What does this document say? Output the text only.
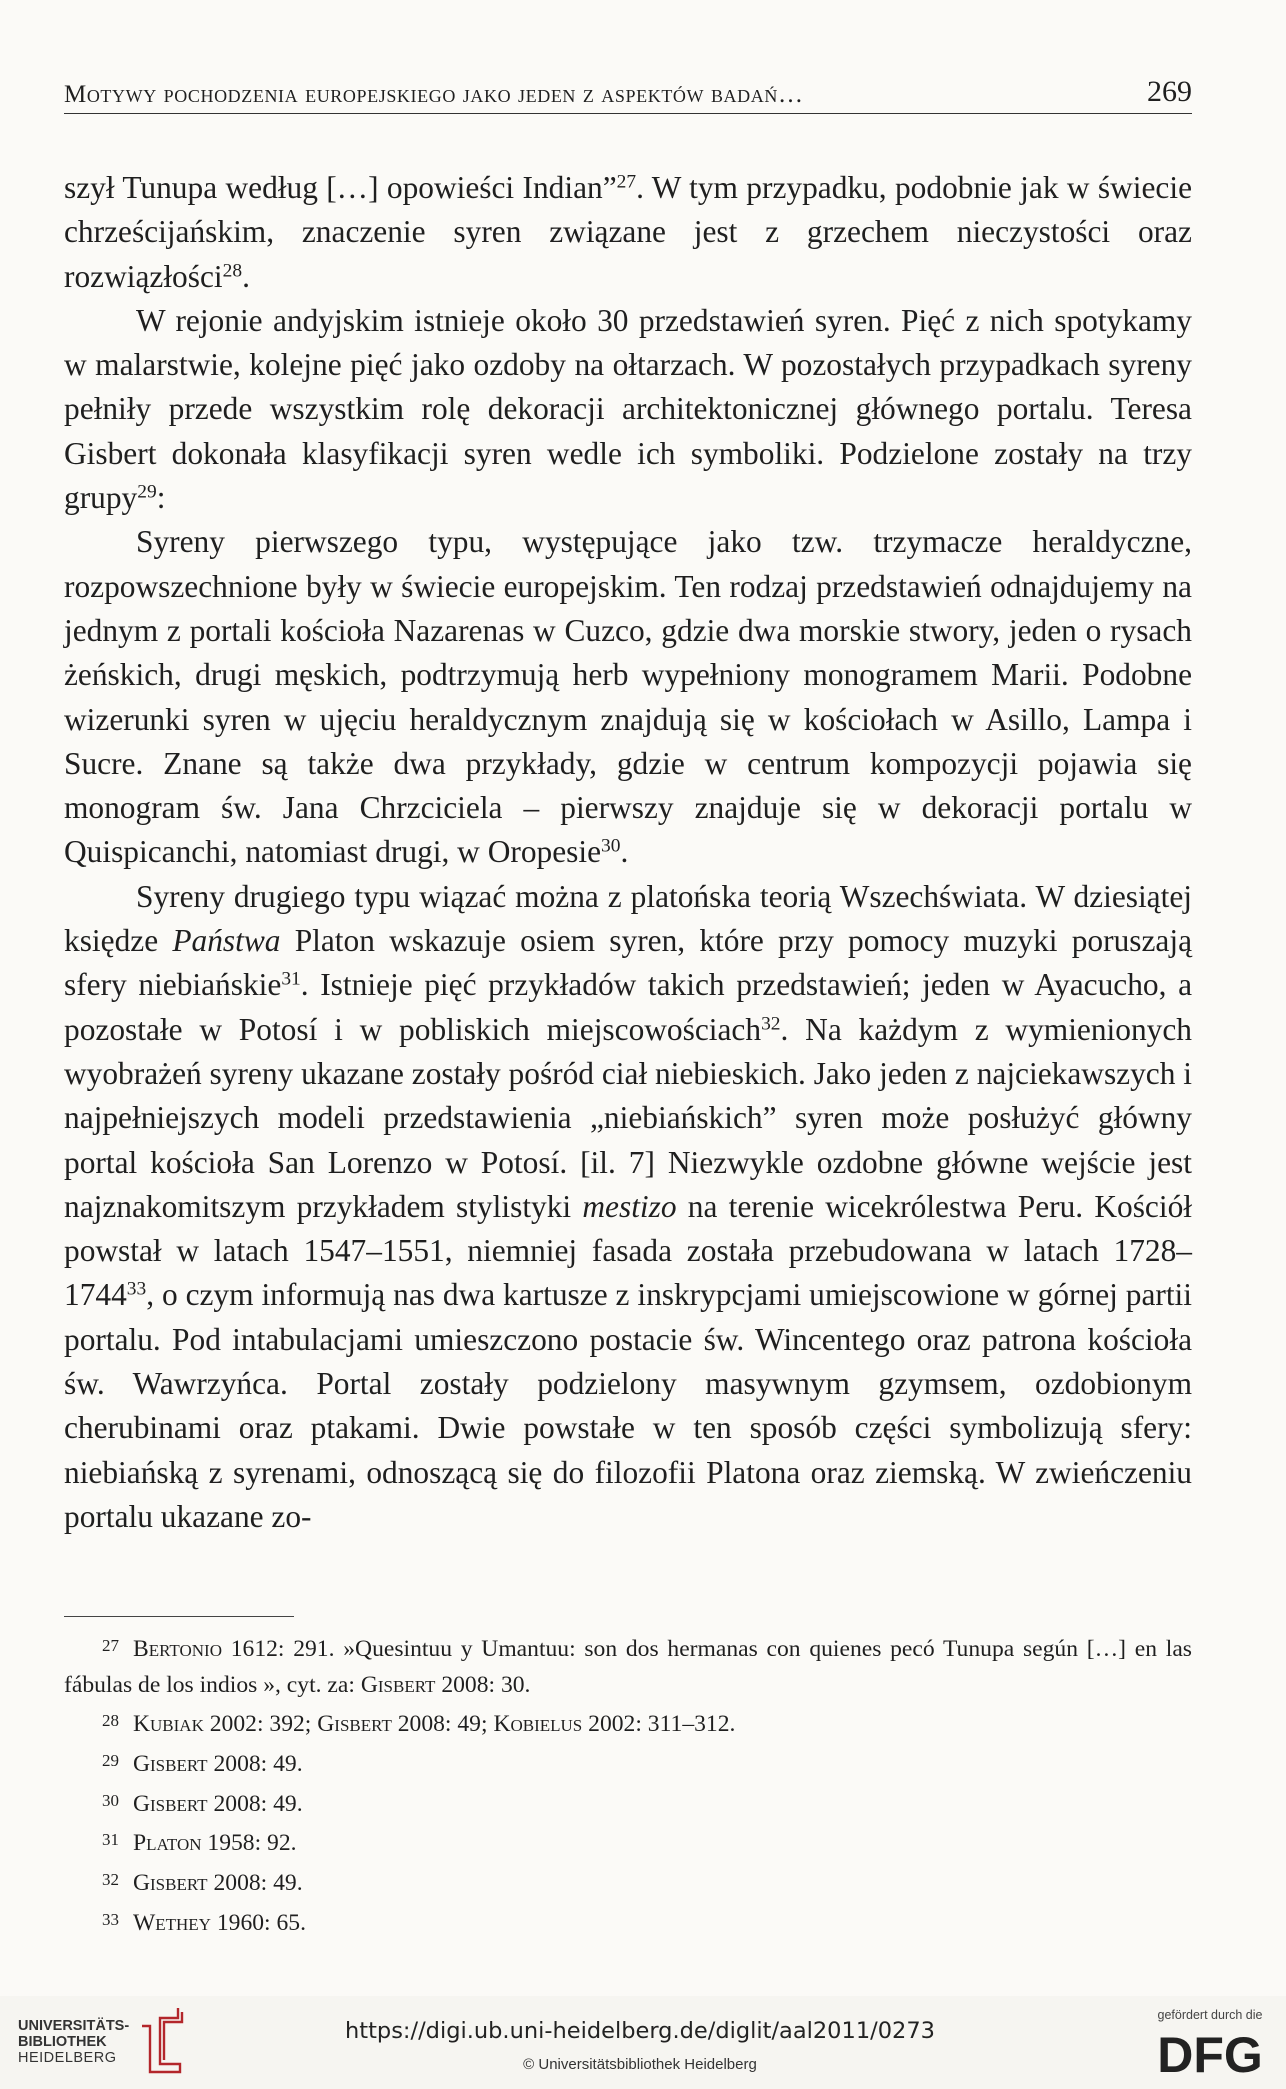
Motywy pochodzenia europejskiego jako jeden z aspektów badań…	269

szył Tunupa według […] opowieści Indian”$^{27}$. W tym przypadku, podobnie jak w świecie chrześcijańskim, znaczenie syren związane jest z grzechem nieczystości oraz rozwiązłości$^{28}$.

W rejonie andyjskim istnieje około 30 przedstawień syren. Pięć z nich spotykamy w malarstwie, kolejne pięć jako ozdoby na ołtarzach. W pozostałych przypadkach syreny pełniły przede wszystkim rolę dekoracji architektonicznej głównego portalu. Teresa Gisbert dokonała klasyfikacji syren wedle ich symboliki. Podzielone zostały na trzy grupy$^{29}$:

Syreny pierwszego typu, występujące jako tzw. trzymacze heraldyczne, rozpowszechnione były w świecie europejskim. Ten rodzaj przedstawień odnajdujemy na jednym z portali kościoła Nazarenas w Cuzco, gdzie dwa morskie stwory, jeden o rysach żeńskich, drugi męskich, podtrzymują herb wypełniony monogramem Marii. Podobne wizerunki syren w ujęciu heraldycznym znajdują się w kościołach w Asillo, Lampa i Sucre. Znane są także dwa przykłady, gdzie w centrum kompozycji pojawia się monogram św. Jana Chrzciciela – pierwszy znajduje się w dekoracji portalu w Quispicanchi, natomiast drugi, w Oropesie$^{30}$.

Syreny drugiego typu wiązać można z platońska teorią Wszechświata. W dziesiątej księdze Państwa Platon wskazuje osiem syren, które przy pomocy muzyki poruszają sfery niebiańskie$^{31}$. Istnieje pięć przykładów takich przedstawień; jeden w Ayacucho, a pozostałe w Potosí i w pobliskich miejscowościach$^{32}$. Na każdym z wymienionych wyobrażeń syreny ukazane zostały pośród ciał niebieskich. Jako jeden z najciekawszych i najpełniejszych modeli przedstawienia „niebiańskich” syren może posłużyć główny portal kościoła San Lorenzo w Potosí. [il. 7] Niezwykle ozdobne główne wejście jest najznakomitszym przykładem stylistyki mestizo na terenie wicekrólestwa Peru. Kościół powstał w latach 1547–1551, niemniej fasada została przebudowana w latach 1728–1744$^{33}$, o czym informują nas dwa kartusze z inskrypcjami umiejscowione w górnej partii portalu. Pod intabulacjami umieszczono postacie św. Wincentego oraz patrona kościoła św. Wawrzyńca. Portal zostały podzielony masywnym gzymsem, ozdobionym cherubinami oraz ptakami. Dwie powstałe w ten sposób części symbolizują sfery: niebiańską z syrenami, odnoszącą się do filozofii Platona oraz ziemską. W zwieńczeniu portalu ukazane zo-

$^{27}$ Bertonio 1612: 291. »Quesintuu y Umantuu: son dos hermanas con quienes pecó Tunupa según […] en las fábulas de los indios », cyt. za: Gisbert 2008: 30.

$^{28}$ Kubiak 2002: 392; Gisbert 2008: 49; Kobielus 2002: 311–312.

$^{29}$ Gisbert 2008: 49.

$^{30}$ Gisbert 2008: 49.

$^{31}$ Platon 1958: 92.

$^{32}$ Gisbert 2008: 49.

$^{33}$ Wethey 1960: 65.

UNIVERSITÄTS-
BIBLIOTHEK
HEIDELBERG
https://digi.ub.uni-heidelberg.de/diglit/aal2011/0273
© Universitätsbibliothek Heidelberg
gefördert durch die
DFG
